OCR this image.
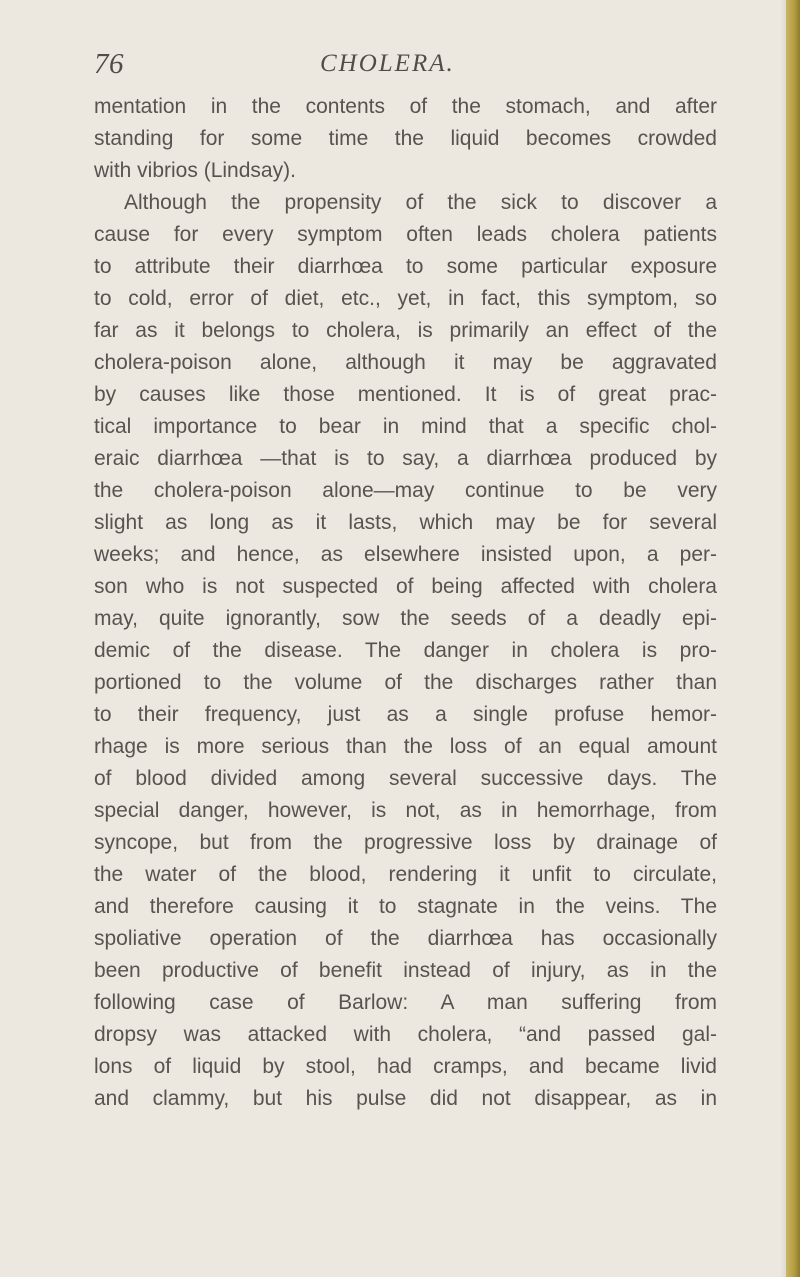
76	CHOLERA.
mentation in the contents of the stomach, and after
standing for some time the liquid becomes crowded
with vibrios (Lindsay).
Although the propensity of the sick to discover a
cause for every symptom often leads cholera patients
to attribute their diarrhœa to some particular exposure
to cold, error of diet, etc., yet, in fact, this symptom, so
far as it belongs to cholera, is primarily an effect of the
cholera-poison alone, although it may be aggravated
by causes like those mentioned. It is of great prac-
tical importance to bear in mind that a specific chol-
eraic diarrhœa —that is to say, a diarrhœa produced by
the cholera-poison alone—may continue to be very
slight as long as it lasts, which may be for several
weeks; and hence, as elsewhere insisted upon, a per-
son who is not suspected of being affected with cholera
may, quite ignorantly, sow the seeds of a deadly epi-
demic of the disease. The danger in cholera is pro-
portioned to the volume of the discharges rather than
to their frequency, just as a single profuse hemor-
rhage is more serious than the loss of an equal amount
of blood divided among several successive days. The
special danger, however, is not, as in hemorrhage, from
syncope, but from the progressive loss by drainage of
the water of the blood, rendering it unfit to circulate,
and therefore causing it to stagnate in the veins. The
spoliative operation of the diarrhœa has occasionally
been productive of benefit instead of injury, as in the
following case of Barlow: A man suffering from
dropsy was attacked with cholera, “and passed gal-
lons of liquid by stool, had cramps, and became livid
and clammy, but his pulse did not disappear, as in
